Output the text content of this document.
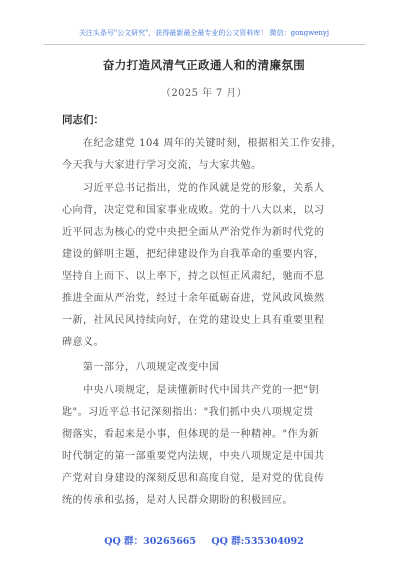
关注头条号"公文研究"，获得最新最全最专业的公文资料库！ 微信：gongwenyj
奋力打造风清气正政通人和的清廉氛围
（2025 年 7 月）
同志们：
在纪念建党 104 周年的关键时刻，根据相关工作安排，
今天我与大家进行学习交流，与大家共勉。
习近平总书记指出，党的作风就是党的形象，关系人
心向背，决定党和国家事业成败。党的十八大以来，以习
近平同志为核心的党中央把全面从严治党作为新时代党的
建设的鲜明主题，把纪律建设作为自我革命的重要内容，
坚持自上而下、以上率下，持之以恒正风肃纪，驰而不息
推进全面从严治党，经过十余年砥砺奋进，党风政风焕然
一新，社风民风持续向好，在党的建设史上具有重要里程
碑意义。
第一部分，八项规定改变中国
中央八项规定，是读懂新时代中国共产党的一把"钥
匙"。习近平总书记深刻指出："我们抓中央八项规定贯
彻落实，看起来是小事，但体现的是一种精神。"作为新
时代制定的第一部重要党内法规，中央八项规定是中国共
产党对自身建设的深刻反思和高度自觉，是对党的优良传
统的传承和弘扬，是对人民群众期盼的积极回应。
QQ 群：30265665 QQ 群:535304092
